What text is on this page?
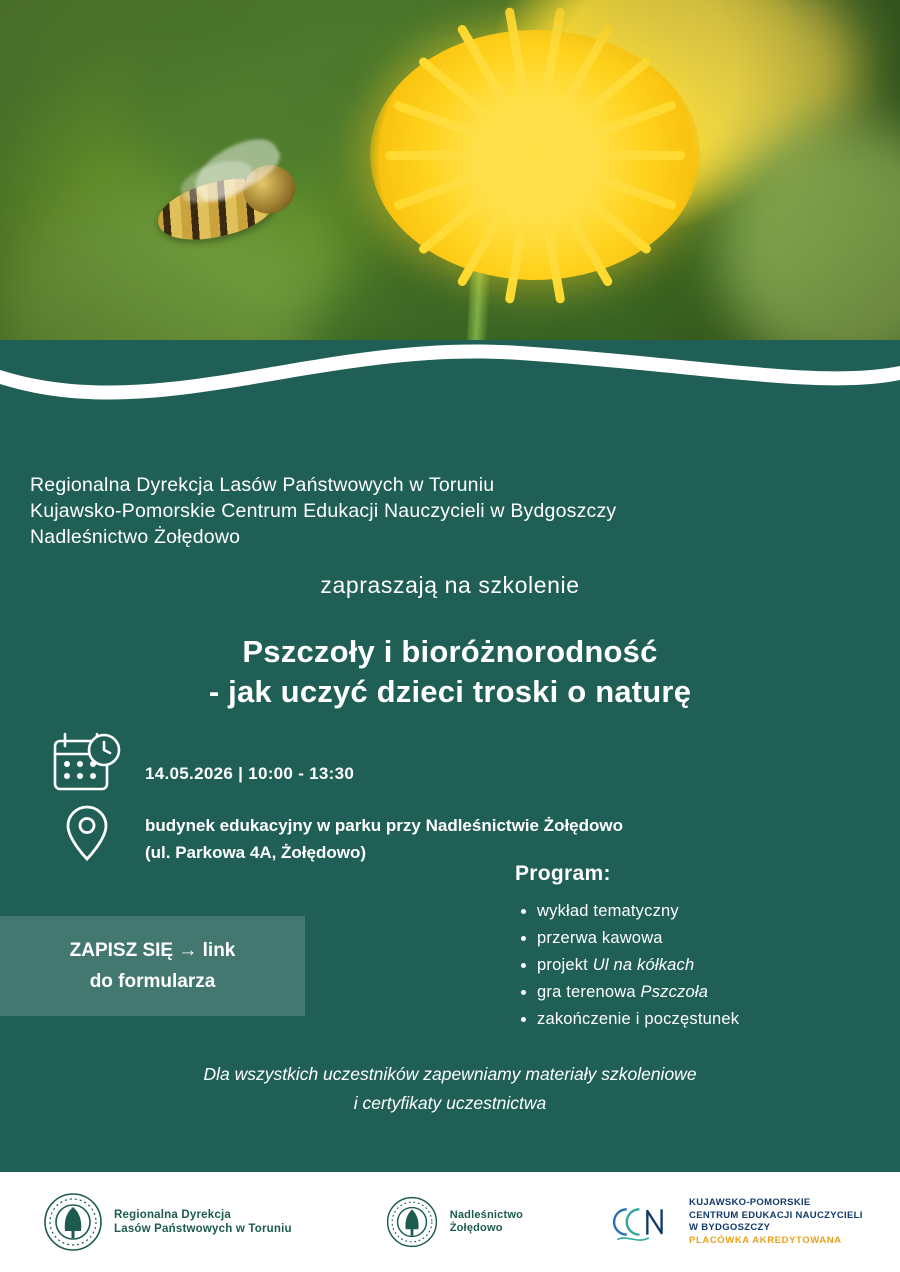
Regionalna Dyrekcja Lasów Państwowych w Toruniu
Kujawsko-Pomorskie Centrum Edukacji Nauczycieli w Bydgoszczy
Nadleśnictwo Żołędowo
zapraszają na szkolenie
Pszczoły i bioróżnorodność
- jak uczyć dzieci troski o naturę
14.05.2026 | 10:00 - 13:30
budynek edukacyjny w parku przy Nadleśnictwie Żołędowo
(ul. Parkowa 4A, Żołędowo)
Program:
• wykład tematyczny
• przerwa kawowa
• projekt Ul na kółkach
• gra terenowa Pszczoła
• zakończenie i poczęstunek
ZAPISZ SIĘ → link
do formularza
Dla wszystkich uczestników zapewniamy materiały szkoleniowe
i certyfikaty uczestnictwa
Regionalna Dyrekcja
Lasów Państwowych w Toruniu
Nadleśnictwo
Żołędowo
KUJAWSKO-POMORSKIE
CENTRUM EDUKACJI NAUCZYCIELI
W BYDGOSZCZY
PLACÓWKA AKREDYTOWANA
